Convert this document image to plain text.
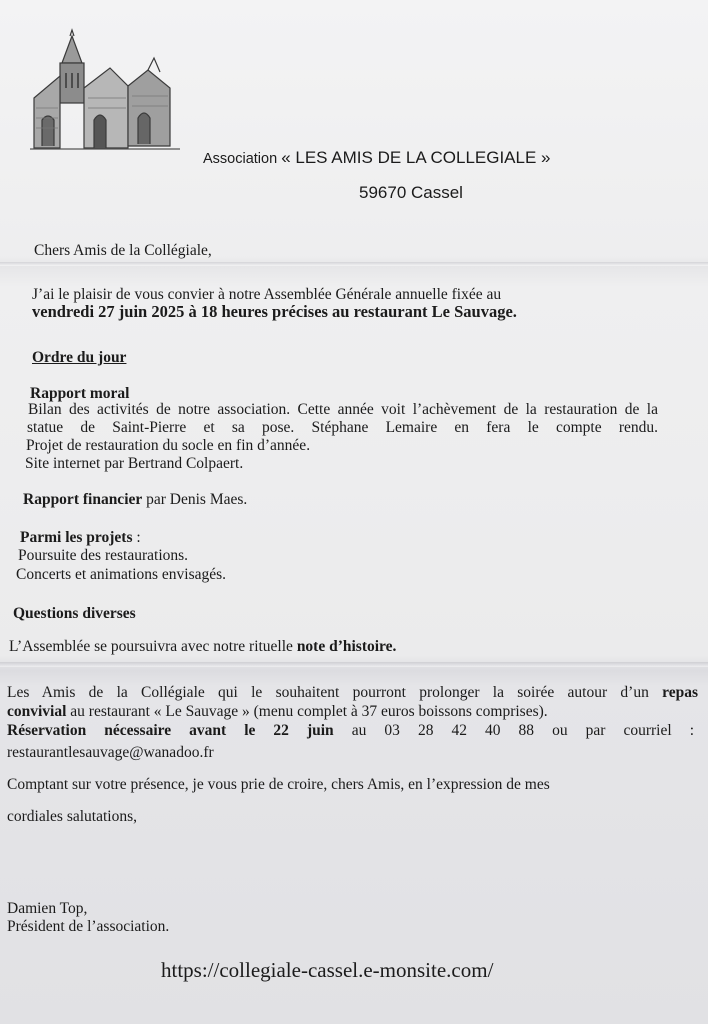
Association « LES AMIS DE LA COLLEGIALE »
59670 Cassel
Chers Amis de la Collégiale,
J’ai le plaisir de vous convier à notre Assemblée Générale annuelle fixée au
vendredi 27 juin 2025 à 18 heures précises au restaurant Le Sauvage.
Ordre du jour
Rapport moral
Bilan des activités de notre association. Cette année voit l’achèvement de la restauration de la
statue de Saint-Pierre et sa pose. Stéphane Lemaire en fera le compte rendu.
Projet de restauration du socle en fin d’année.
Site internet par Bertrand Colpaert.
Rapport financier par Denis Maes.
Parmi les projets :
Poursuite des restaurations.
Concerts et animations envisagés.
Questions diverses
L’Assemblée se poursuivra avec notre rituelle note d’histoire.
Les Amis de la Collégiale qui le souhaitent pourront prolonger la soirée autour d’un repas
convivial au restaurant « Le Sauvage » (menu complet à 37 euros boissons comprises).
Réservation nécessaire avant le 22 juin au 03 28 42 40 88 ou par courriel :
restaurantlesauvage@wanadoo.fr
Comptant sur votre présence, je vous prie de croire, chers Amis, en l’expression de mes
cordiales salutations,
Damien Top,
Président de l’association.
https://collegiale-cassel.e-monsite.com/
